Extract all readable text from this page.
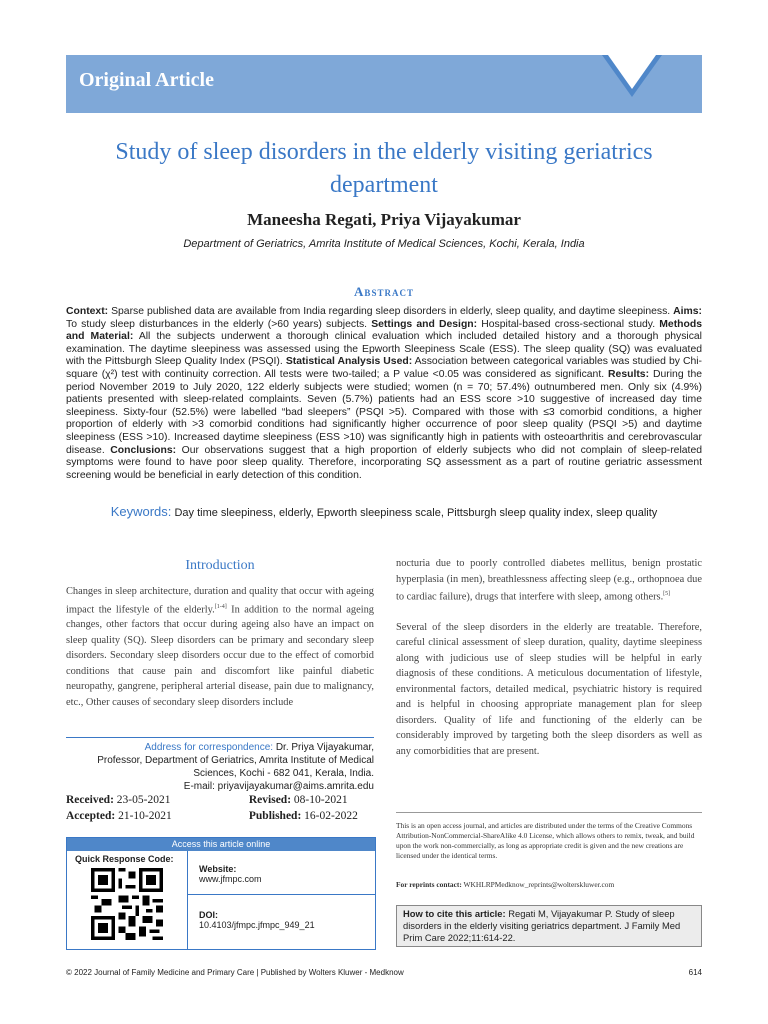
Original Article
Study of sleep disorders in the elderly visiting geriatrics department
Maneesha Regati, Priya Vijayakumar
Department of Geriatrics, Amrita Institute of Medical Sciences, Kochi, Kerala, India
Abstract
Context: Sparse published data are available from India regarding sleep disorders in elderly, sleep quality, and daytime sleepiness. Aims: To study sleep disturbances in the elderly (>60 years) subjects. Settings and Design: Hospital-based cross-sectional study. Methods and Material: All the subjects underwent a thorough clinical evaluation which included detailed history and a thorough physical examination. The daytime sleepiness was assessed using the Epworth Sleepiness Scale (ESS). The sleep quality (SQ) was evaluated with the Pittsburgh Sleep Quality Index (PSQI). Statistical Analysis Used: Association between categorical variables was studied by Chi-square (χ²) test with continuity correction. All tests were two-tailed; a P value <0.05 was considered as significant. Results: During the period November 2019 to July 2020, 122 elderly subjects were studied; women (n = 70; 57.4%) outnumbered men. Only six (4.9%) patients presented with sleep-related complaints. Seven (5.7%) patients had an ESS score >10 suggestive of increased day time sleepiness. Sixty-four (52.5%) were labelled “bad sleepers” (PSQI >5). Compared with those with ≤3 comorbid conditions, a higher proportion of elderly with >3 comorbid conditions had significantly higher occurrence of poor sleep quality (PSQI >5) and daytime sleepiness (ESS >10). Increased daytime sleepiness (ESS >10) was significantly high in patients with osteoarthritis and cerebrovascular disease. Conclusions: Our observations suggest that a high proportion of elderly subjects who did not complain of sleep-related symptoms were found to have poor sleep quality. Therefore, incorporating SQ assessment as a part of routine geriatric assessment screening would be beneficial in early detection of this condition.
Keywords: Day time sleepiness, elderly, Epworth sleepiness scale, Pittsburgh sleep quality index, sleep quality
Introduction
Changes in sleep architecture, duration and quality that occur with ageing impact the lifestyle of the elderly.[1-4] In addition to the normal ageing changes, other factors that occur during ageing also have an impact on sleep quality (SQ). Sleep disorders can be primary and secondary sleep disorders. Secondary sleep disorders occur due to the effect of comorbid conditions that cause pain and discomfort like painful diabetic neuropathy, gangrene, peripheral arterial disease, pain due to malignancy, etc., Other causes of secondary sleep disorders include
nocturia due to poorly controlled diabetes mellitus, benign prostatic hyperplasia (in men), breathlessness affecting sleep (e.g., orthopnoea due to cardiac failure), drugs that interfere with sleep, among others.[5]
Several of the sleep disorders in the elderly are treatable. Therefore, careful clinical assessment of sleep duration, quality, daytime sleepiness along with judicious use of sleep studies will be helpful in early diagnosis of these conditions. A meticulous documentation of lifestyle, environmental factors, detailed medical, psychiatric history is required and is helpful in choosing appropriate management plan for sleep disorders. Quality of life and functioning of the elderly can be considerably improved by targeting both the sleep disorders as well as any comorbidities that are present.
Address for correspondence: Dr. Priya Vijayakumar,
Professor, Department of Geriatrics, Amrita Institute of Medical
Sciences, Kochi - 682 041, Kerala, India.
E-mail: priyavijayakumar@aims.amrita.edu
Received: 23-05-2021	Revised: 08-10-2021
Accepted: 21-10-2021	Published: 16-02-2022
Access this article online
Quick Response Code:
Website:
www.jfmpc.com
DOI:
10.4103/jfmpc.jfmpc_949_21
This is an open access journal, and articles are distributed under the terms of the Creative Commons Attribution-NonCommercial-ShareAlike 4.0 License, which allows others to remix, tweak, and build upon the work non-commercially, as long as appropriate credit is given and the new creations are licensed under the identical terms.
For reprints contact: WKHLRPMedknow_reprints@wolterskluwer.com
How to cite this article: Regati M, Vijayakumar P. Study of sleep disorders in the elderly visiting geriatrics department. J Family Med Prim Care 2022;11:614-22.
© 2022 Journal of Family Medicine and Primary Care | Published by Wolters Kluwer - Medknow	614
